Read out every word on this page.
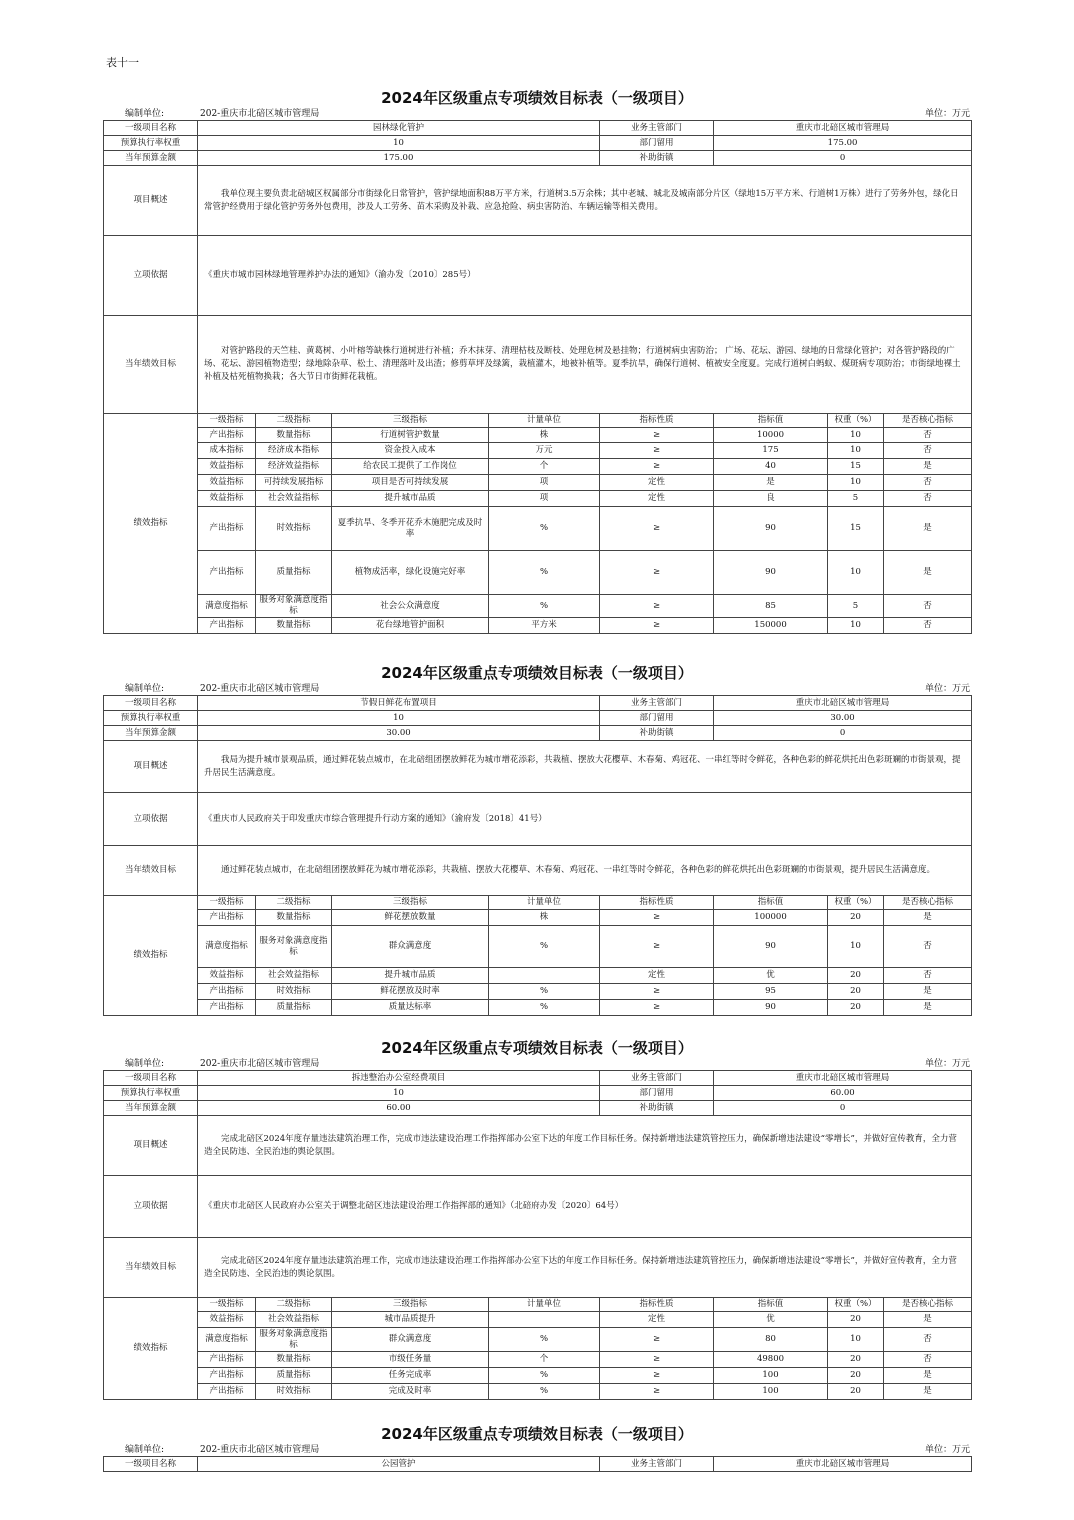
表十一
2024年区级重点专项绩效目标表（一级项目）
编制单位:	202-重庆市北碚区城市管理局	单位：万元
一级项目名称	园林绿化管护				业务主管部门	重庆市北碚区城市管理局		
预算执行率权重	10				部门留用	175.00		
当年预算金额	175.00				补助街镇	0		
项目概述	我单位现主要负责北碚城区权属部分市街绿化日常管护，管护绿地面积88万平方米，行道树3.5万余株；其中老城、城北及城南部分片区（绿地15万平方米、行道树1万株）进行了劳务外包，绿化日常管护经费用于绿化管护劳务外包费用，涉及人工劳务、苗木采购及补栽、应急抢险、病虫害防治、车辆运输等相关费用。							
立项依据	《重庆市城市园林绿地管理养护办法的通知》（渝办发〔2010〕285号）							
当年绩效目标	对管护路段的天竺桂、黄葛树、小叶榕等缺株行道树进行补植；乔木抹芽、清理枯枝及断枝、处理危树及悬挂物；行道树病虫害防治； 广场、花坛、游园、绿地的日常绿化管护；对各管护路段的广场、花坛、游园植物造型；绿地除杂草、松土、清理落叶及出渣；修剪草坪及绿篱，栽植灌木，地被补植等。夏季抗旱，确保行道树、植被安全度夏。完成行道树白蚂蚁、煤斑病专项防治；市街绿地裸土补植及枯死植物换栽；各大节日市街鲜花栽植。							
绩效指标	一级指标	二级指标	三级指标	计量单位	指标性质	指标值	权重（%）	是否核心指标
	产出指标	数量指标	行道树管护数量	株	≥	10000	10	否
	成本指标	经济成本指标	资金投入成本	万元	≥	175	10	否
	效益指标	经济效益指标	给农民工提供了工作岗位	个	≥	40	15	是
	效益指标	可持续发展指标	项目是否可持续发展	项	定性	是	10	否
	效益指标	社会效益指标	提升城市品质	项	定性	良	5	否
	产出指标	时效指标	夏季抗旱、冬季开花乔木施肥完成及时率	%	≥	90	15	是
	产出指标	质量指标	植物成活率，绿化设施完好率	%	≥	90	10	是
	满意度指标	服务对象满意度指标	社会公众满意度	%	≥	85	5	否
	产出指标	数量指标	花台绿地管护面积	平方米	≥	150000	10	否
2024年区级重点专项绩效目标表（一级项目）
编制单位:	202-重庆市北碚区城市管理局	单位：万元
一级项目名称	节假日鲜花布置项目				业务主管部门	重庆市北碚区城市管理局		
预算执行率权重	10				部门留用	30.00		
当年预算金额	30.00				补助街镇	0		
项目概述	我局为提升城市景观品质，通过鲜花装点城市，在北碚组团摆放鲜花为城市增花添彩，共栽植、摆放大花樱草、木春菊、鸡冠花、一串红等时令鲜花，各种色彩的鲜花烘托出色彩斑斓的市街景观，提升居民生活满意度。							
立项依据	《重庆市人民政府关于印发重庆市综合管理提升行动方案的通知》（渝府发〔2018〕41号）							
当年绩效目标	通过鲜花装点城市，在北碚组团摆放鲜花为城市增花添彩，共栽植、摆放大花樱草、木春菊、鸡冠花、一串红等时令鲜花，各种色彩的鲜花烘托出色彩斑斓的市街景观，提升居民生活满意度。							
绩效指标	一级指标	二级指标	三级指标	计量单位	指标性质	指标值	权重（%）	是否核心指标
	产出指标	数量指标	鲜花摆放数量	株	≥	100000	20	是
	满意度指标	服务对象满意度指标	群众满意度	%	≥	90	10	否
	效益指标	社会效益指标	提升城市品质		定性	优	20	否
	产出指标	时效指标	鲜花摆放及时率	%	≥	95	20	是
	产出指标	质量指标	质量达标率	%	≥	90	20	是
2024年区级重点专项绩效目标表（一级项目）
编制单位:	202-重庆市北碚区城市管理局	单位：万元
一级项目名称	拆违整治办公室经费项目				业务主管部门	重庆市北碚区城市管理局		
预算执行率权重	10				部门留用	60.00		
当年预算金额	60.00				补助街镇	0		
项目概述	完成北碚区2024年度存量违法建筑治理工作，完成市违法建设治理工作指挥部办公室下达的年度工作目标任务。保持新增违法建筑管控压力，确保新增违法建设“零增长”，并做好宣传教育，全力营造全民防违、全民治违的舆论氛围。							
立项依据	《重庆市北碚区人民政府办公室关于调整北碚区违法建设治理工作指挥部的通知》（北碚府办发〔2020〕64号）							
当年绩效目标	完成北碚区2024年度存量违法建筑治理工作，完成市违法建设治理工作指挥部办公室下达的年度工作目标任务。保持新增违法建筑管控压力，确保新增违法建设“零增长”，并做好宣传教育，全力营造全民防违、全民治违的舆论氛围。							
绩效指标	一级指标	二级指标	三级指标	计量单位	指标性质	指标值	权重（%）	是否核心指标
	效益指标	社会效益指标	城市品质提升		定性	优	20	是
	满意度指标	服务对象满意度指标	群众满意度	%	≥	80	10	否
	产出指标	数量指标	市级任务量	个	≥	49800	20	否
	产出指标	质量指标	任务完成率	%	≥	100	20	是
	产出指标	时效指标	完成及时率	%	≥	100	20	是
2024年区级重点专项绩效目标表（一级项目）
编制单位:	202-重庆市北碚区城市管理局	单位：万元
一级项目名称	公园管护	业务主管部门	重庆市北碚区城市管理局
